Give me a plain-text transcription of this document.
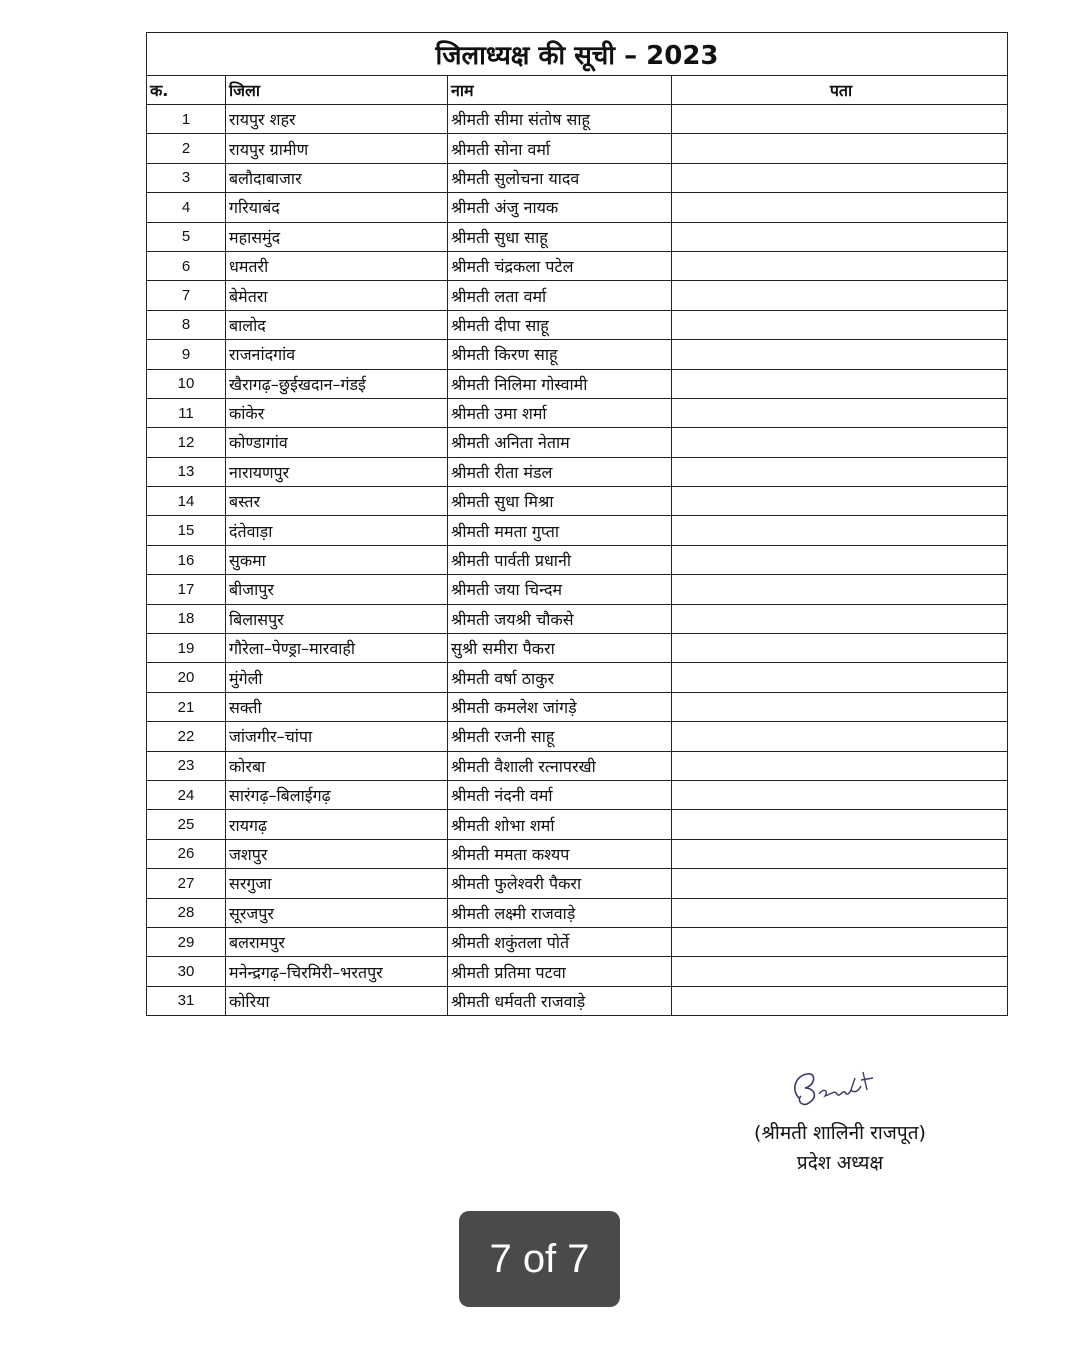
जिलाध्यक्ष की सूची – 2023			
क.	जिला	नाम	पता
1	रायपुर शहर	श्रीमती सीमा संतोष साहू	
2	रायपुर ग्रामीण	श्रीमती सोना वर्मा	
3	बलौदाबाजार	श्रीमती सुलोचना यादव	
4	गरियाबंद	श्रीमती अंजु नायक	
5	महासमुंद	श्रीमती सुधा साहू	
6	धमतरी	श्रीमती चंद्रकला पटेल	
7	बेमेतरा	श्रीमती लता वर्मा	
8	बालोद	श्रीमती दीपा साहू	
9	राजनांदगांव	श्रीमती किरण साहू	
10	खैरागढ़–छुईखदान–गंडई	श्रीमती निलिमा गोस्वामी	
11	कांकेर	श्रीमती उमा शर्मा	
12	कोण्डागांव	श्रीमती अनिता नेताम	
13	नारायणपुर	श्रीमती रीता मंडल	
14	बस्तर	श्रीमती सुधा मिश्रा	
15	दंतेवाड़ा	श्रीमती ममता गुप्ता	
16	सुकमा	श्रीमती पार्वती प्रधानी	
17	बीजापुर	श्रीमती जया चिन्दम	
18	बिलासपुर	श्रीमती जयश्री चौकसे	
19	गौरेला–पेण्ड्रा–मारवाही	सुश्री समीरा पैकरा	
20	मुंगेली	श्रीमती वर्षा ठाकुर	
21	सक्ती	श्रीमती कमलेश जांगड़े	
22	जांजगीर–चांपा	श्रीमती रजनी साहू	
23	कोरबा	श्रीमती वैशाली रत्नापरखी	
24	सारंगढ़–बिलाईगढ़	श्रीमती नंदनी वर्मा	
25	रायगढ़	श्रीमती शोभा शर्मा	
26	जशपुर	श्रीमती ममता कश्यप	
27	सरगुजा	श्रीमती फुलेश्वरी पैकरा	
28	सूरजपुर	श्रीमती लक्ष्मी राजवाड़े	
29	बलरामपुर	श्रीमती शकुंतला पोर्ते	
30	मनेन्द्रगढ़–चिरमिरी–भरतपुर	श्रीमती प्रतिमा पटवा	
31	कोरिया	श्रीमती धर्मवती राजवाड़े	
(श्रीमती शालिनी राजपूत)
प्रदेश अध्यक्ष
7 of 7
